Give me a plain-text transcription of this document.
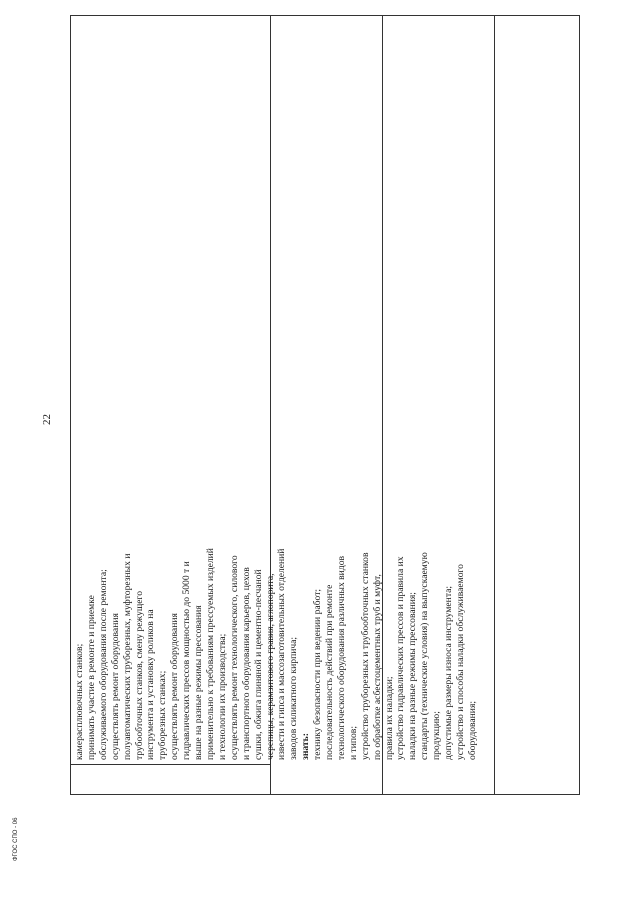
22
ФГОС СПО - 06
камерасплювочных станков; принимать участие в ремонте и приемке обслуживаемого оборудования после ремонта; осуществлять ремонт оборудования полуавтоматических трубoрезных, муфторезных и трубообточных станков, смену режущего инструмента и установку роликов на трубoрезных станках; осуществлять ремонт оборудования гидравлических прессов мощностью до 5000 т и выше на разные режимы прессования применительно к требованиям прессуемых изделий и технологии их производства; осуществлять ремонт технологического, силового и транспортного оборудования карьеров, цехов сушки, обжига глиняной и цементно-песчаной черепицы, керамзитового гравия, аглопорита, извести и гипса и массозаготовительных отделений заводов силикатного кирпича; знать: технику безопасности при ведении работ; последовательность действий при ремонте технологического оборудования различных видов и типов; устройство трубoрезных и трубообточных станков по обработке асбестоцементных труб и муфт, правила их наладки; устройство гидравлических прессов и правила их наладки на разные режимы прессования; стандарты (технические условия) на выпускаемую продукцию; допустимые размеры износа инструмента; устройство и способы наладки обслуживаемого оборудования;
